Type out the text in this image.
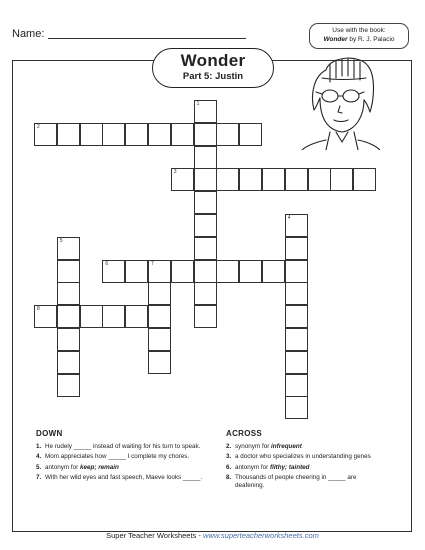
Name:	Use with the book:
Wonder by R. J. Palacio
Wonder
Part 5: Justin
1
2
3
4
5
6	7
8
DOWN
1. He rudely _____ instead of waiting for his turn to speak.
4. Mom appreciates how _____ I complete my chores.
5. antonym for keep; remain
7. With her wild eyes and fast speech, Maeve looks _____.
ACROSS
2. synonym for infrequent
3. a doctor who specializes in understanding genes
6. antonym for filthy; tainted
8. Thousands of people cheering in _____ are deafening.
Super Teacher Worksheets - www.superteacherworksheets.com
